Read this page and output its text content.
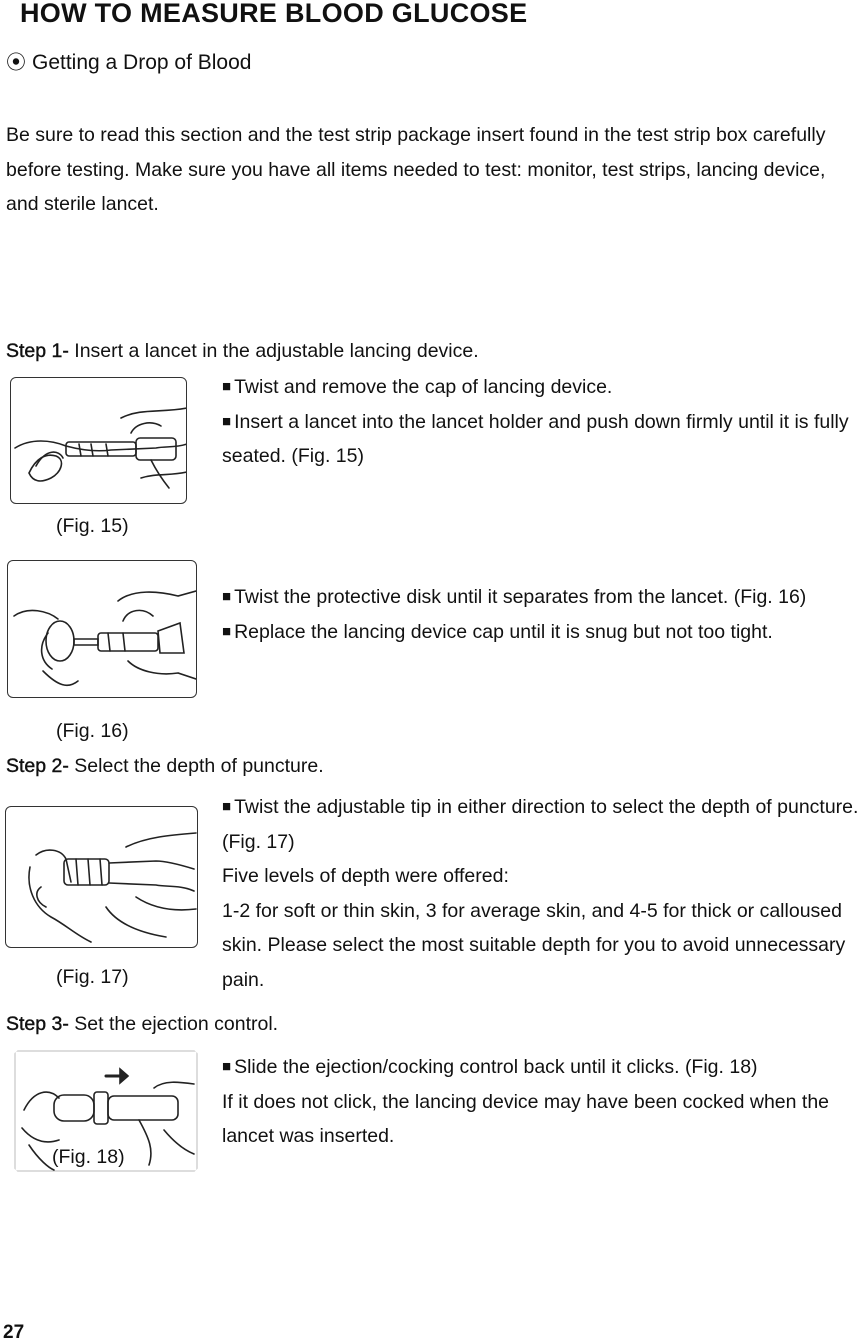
HOW TO MEASURE BLOOD GLUCOSE
⦿ Getting a Drop of Blood
Be sure to read this section and the test strip package insert found in the test strip box carefully before testing. Make sure you have all items needed to test: monitor, test strips, lancing device, and sterile lancet.
Step 1- Insert a lancet in the adjustable lancing device.
(Fig. 15)

■ Twist and remove the cap of lancing device.

■ Insert a lancet into the lancet holder and push down firmly until it is fully seated. (Fig. 15)

(Fig. 16)

■ Twist the protective disk until it separates from the lancet. (Fig. 16)

■ Replace the lancing device cap until it is snug but not too tight.

Step 2- Select the depth of puncture.
(Fig. 17)

■ Twist the adjustable tip in either direction to select the depth of puncture. (Fig. 17)

Five levels of depth were offered:

1-2 for soft or thin skin, 3 for average skin, and 4-5 for thick or calloused skin. Please select the most suitable depth for you to avoid unnecessary pain.

Step 3- Set the ejection control.
(Fig. 18)

■ Slide the ejection/cocking control back until it clicks. (Fig. 18)

If it does not click, the lancing device may have been cocked when the lancet was inserted.

27
